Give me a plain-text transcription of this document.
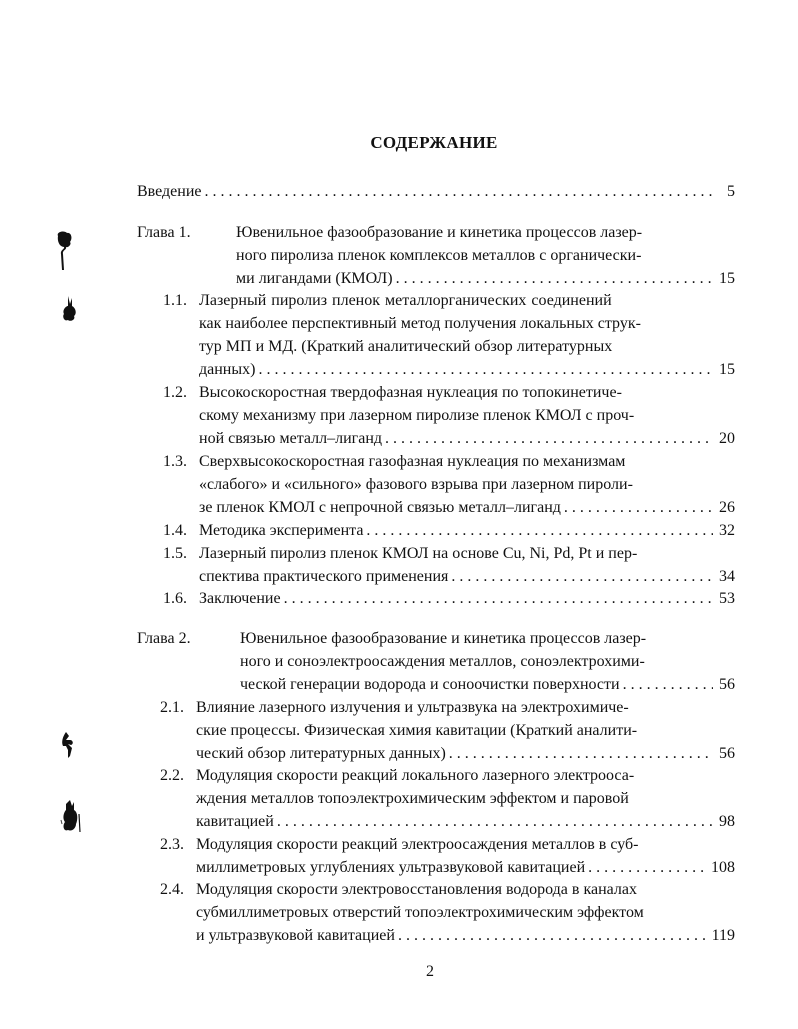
СОДЕРЖАНИЕ
Введение . . .	5
Глава 1.	Ювенильное фазообразование и кинетика процессов лазер-
ного пиролиза пленок комплексов металлов с органически-
ми лигандами (КМОЛ) . . .	15
1.1. Лазерный пиролиз пленок металлорганических соединений
как наиболее перспективный метод получения локальных струк-
тур МП и МД. (Краткий аналитический обзор литературных
данных) . . .	15
1.2. Высокоскоростная твердофазная нуклеация по топокинетиче-
скому механизму при лазерном пиролизе пленок КМОЛ с проч-
ной связью металл–лиганд . . .	20
1.3. Сверхвысокоскоростная газофазная нуклеация по механизмам
«слабого» и «сильного» фазового взрыва при лазерном пироли-
зе пленок КМОЛ с непрочной связью металл–лиганд . . .	26
1.4. Методика эксперимента . . .	32
1.5. Лазерный пиролиз пленок КМОЛ на основе Cu, Ni, Pd, Pt и пер-
спектива практического применения . . .	34
1.6. Заключение . . .	53
Глава 2.	Ювенильное фазообразование и кинетика процессов лазер-
ного и соноэлектроосаждения металлов, соноэлектрохими-
ческой генерации водорода и соноочистки поверхности . . .	56
2.1. Влияние лазерного излучения и ультразвука на электрохимиче-
ские процессы. Физическая химия кавитации (Краткий аналити-
ческий обзор литературных данных) . . .	56
2.2. Модуляция скорости реакций локального лазерного электрооса-
ждения металлов топоэлектрохимическим эффектом и паровой
кавитацией . . .	98
2.3. Модуляция скорости реакций электроосаждения металлов в суб-
миллиметровых углублениях ультразвуковой кавитацией . . .	108
2.4. Модуляция скорости электровосстановления водорода в каналах
субмиллиметровых отверстий топоэлектрохимическим эффектом
и ультразвуковой кавитацией . . .	119
2
